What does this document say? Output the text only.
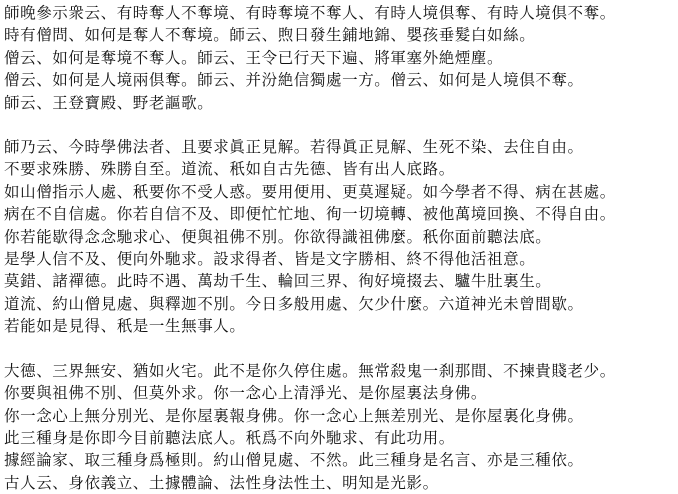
師晚參示衆云、有時奪人不奪境、有時奪境不奪人、有時人境倶奪、有時人境倶不奪。
時有僧問、如何是奪人不奪境。師云、煦日發生鋪地錦、嬰孩垂髮白如絲。
僧云、如何是奪境不奪人。師云、王令已行天下遍、將軍塞外絶煙塵。
僧云、如何是人境兩倶奪。師云、并汾絶信獨處一方。僧云、如何是人境倶不奪。
師云、王登寶殿、野老謳歌。
師乃云、今時學佛法者、且要求眞正見解。若得眞正見解、生死不染、去住自由。
不要求殊勝、殊勝自至。道流、秖如自古先德、皆有出人底路。
如山僧指示人處、秖要你不受人惑。要用便用、更莫遲疑。如今學者不得、病在甚處。
病在不自信處。你若自信不及、即便忙忙地、徇一切境轉、被他萬境回換、不得自由。
你若能歇得念念馳求心、便與祖佛不別。你欲得識祖佛麼。秖你面前聽法底。
是學人信不及、便向外馳求。設求得者、皆是文字勝相、終不得他活祖意。
莫錯、諸禪德。此時不遇、萬劫千生、輪回三界、徇好境掇去、驢牛肚裏生。
道流、約山僧見處、與釋迦不別。今日多般用處、欠少什麼。六道神光未曾間歇。
若能如是見得、秖是一生無事人。
大德、三界無安、猶如火宅。此不是你久停住處。無常殺鬼一刹那間、不揀貴賤老少。
你要與祖佛不別、但莫外求。你一念心上清淨光、是你屋裏法身佛。
你一念心上無分別光、是你屋裏報身佛。你一念心上無差別光、是你屋裏化身佛。
此三種身是你即今目前聽法底人。秖爲不向外馳求、有此功用。
據經論家、取三種身爲極則。約山僧見處、不然。此三種身是名言、亦是三種依。
古人云、身依義立、土據體論、法性身法性土、明知是光影。
